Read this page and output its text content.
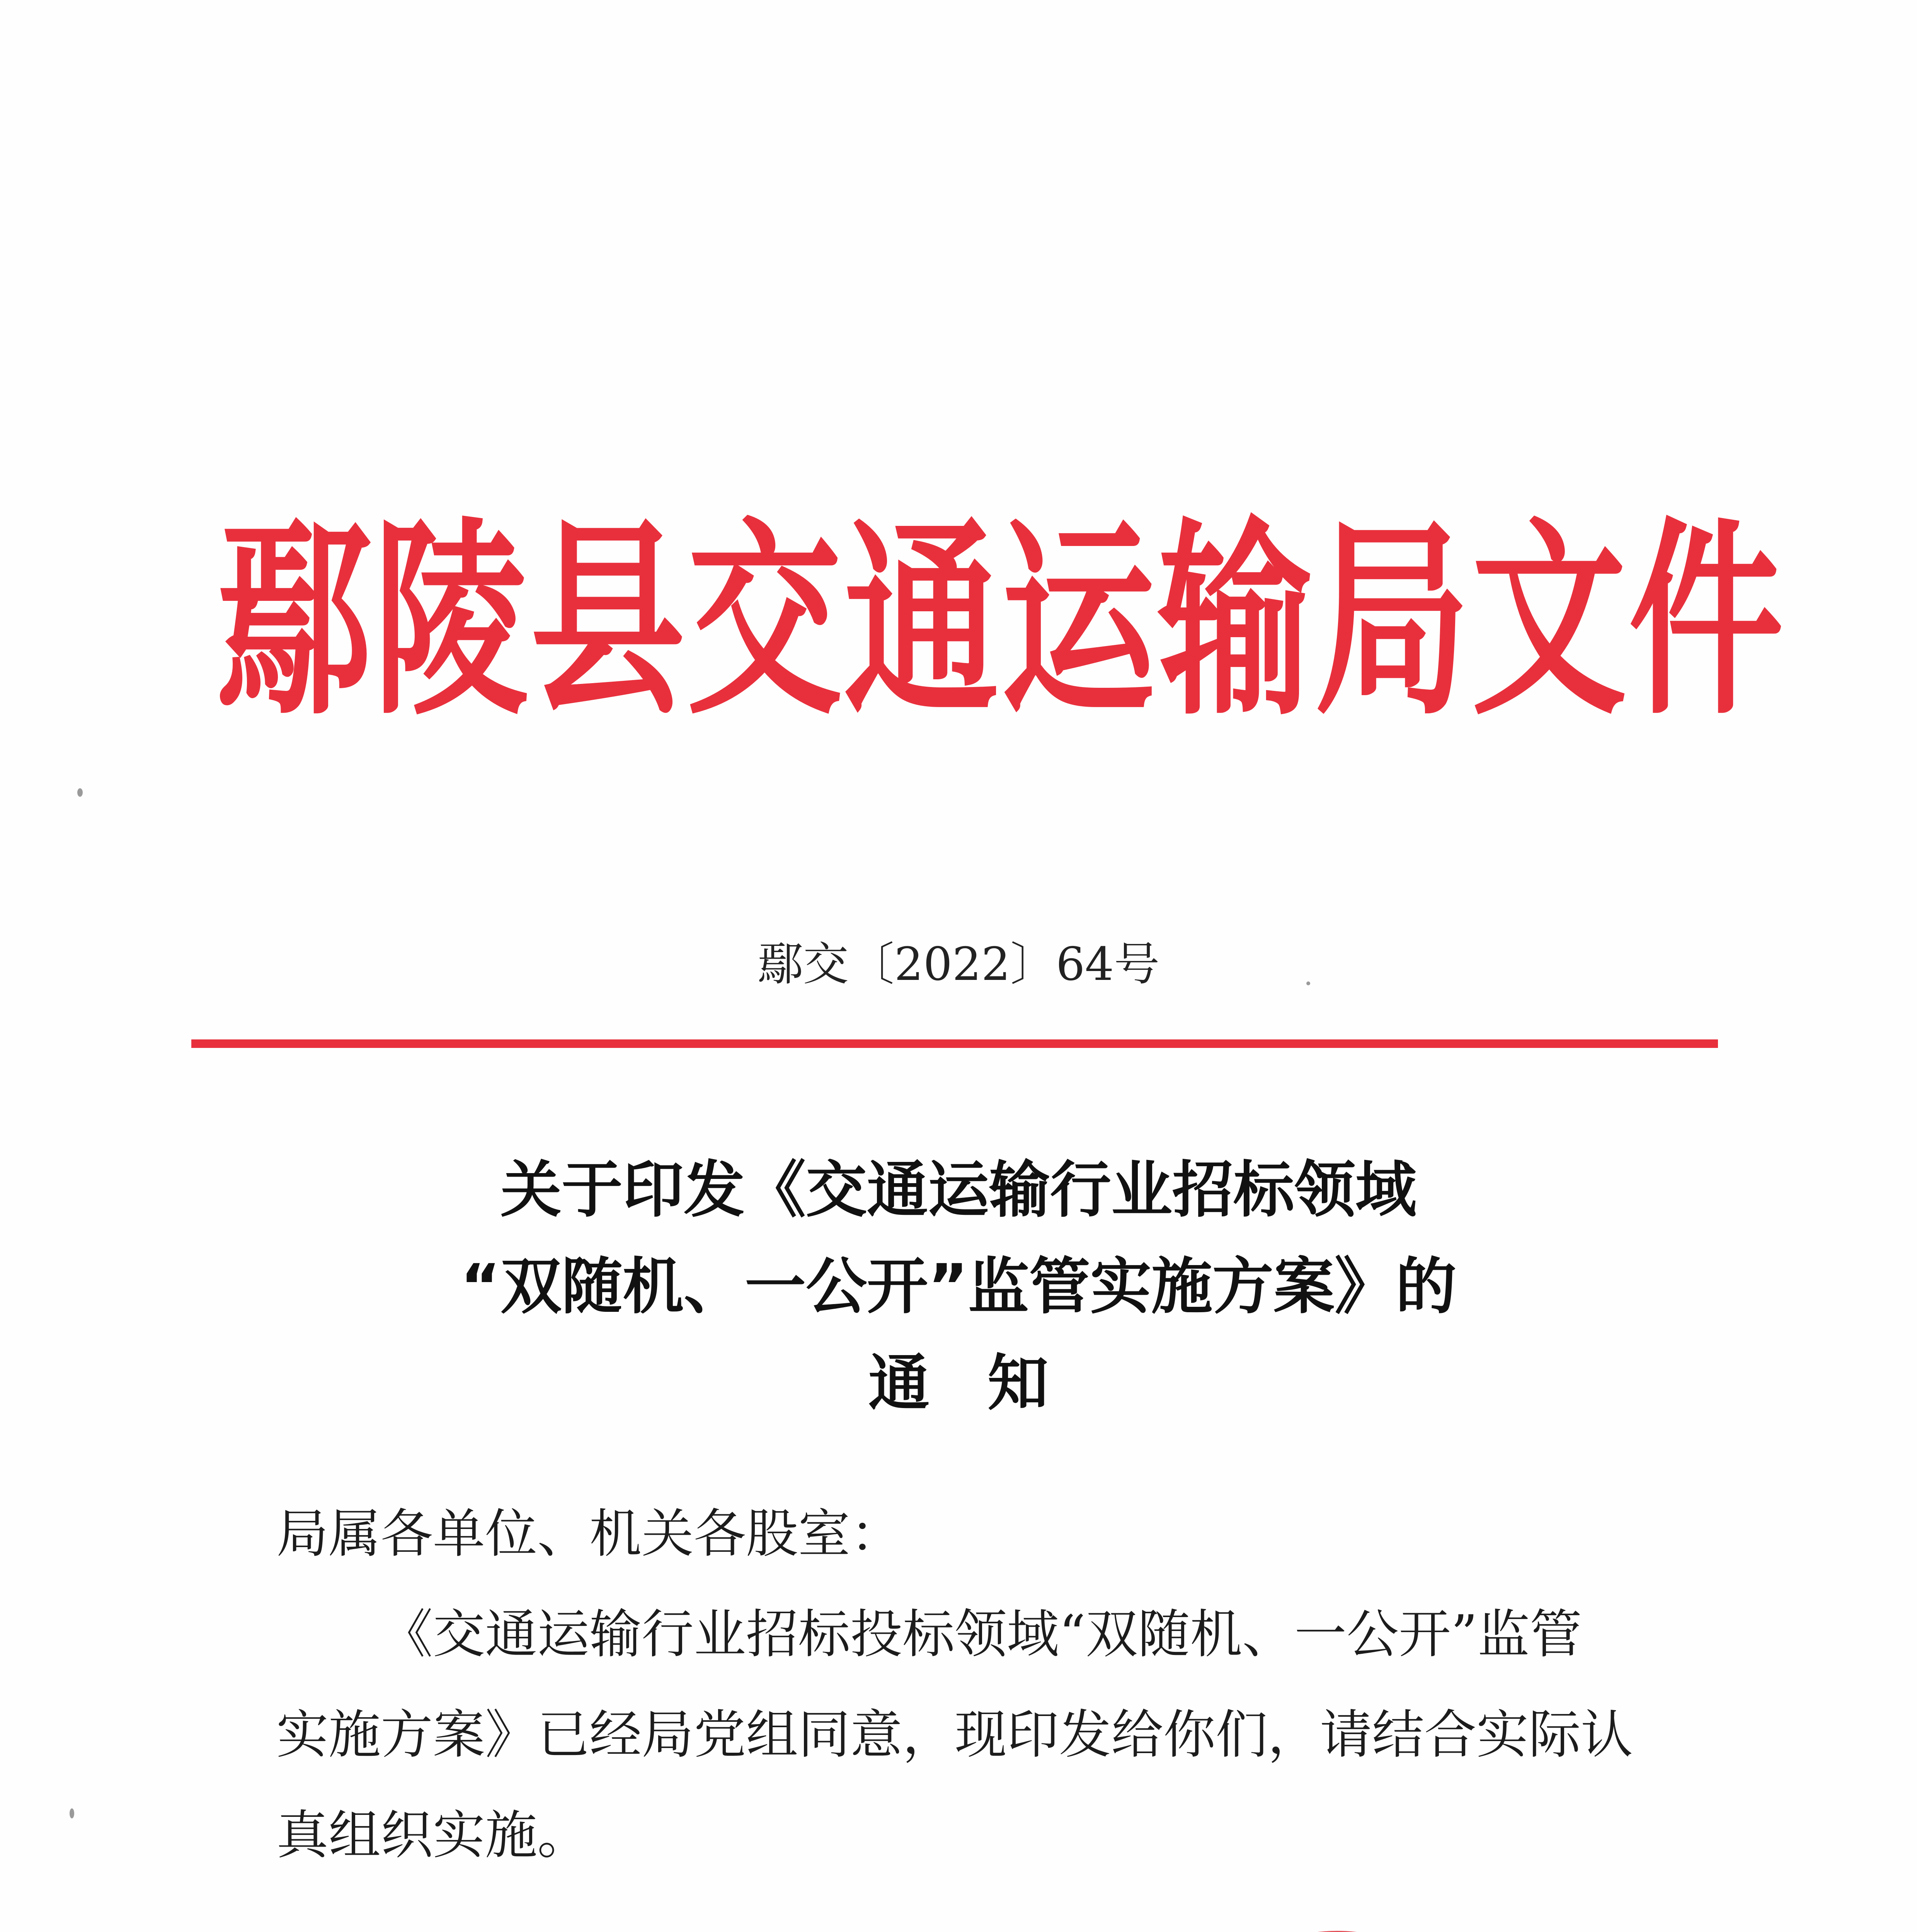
鄢陵县交通运输局文件
鄢交〔2022〕64号
关于印发《交通运输行业招标领域
“双随机、一公开”监管实施方案》的
通知
局属各单位、机关各股室：
《交通运输行业招标投标领域“双随机、一公开”监管
实施方案》已经局党组同意，现印发给你们，请结合实际认
真组织实施。
